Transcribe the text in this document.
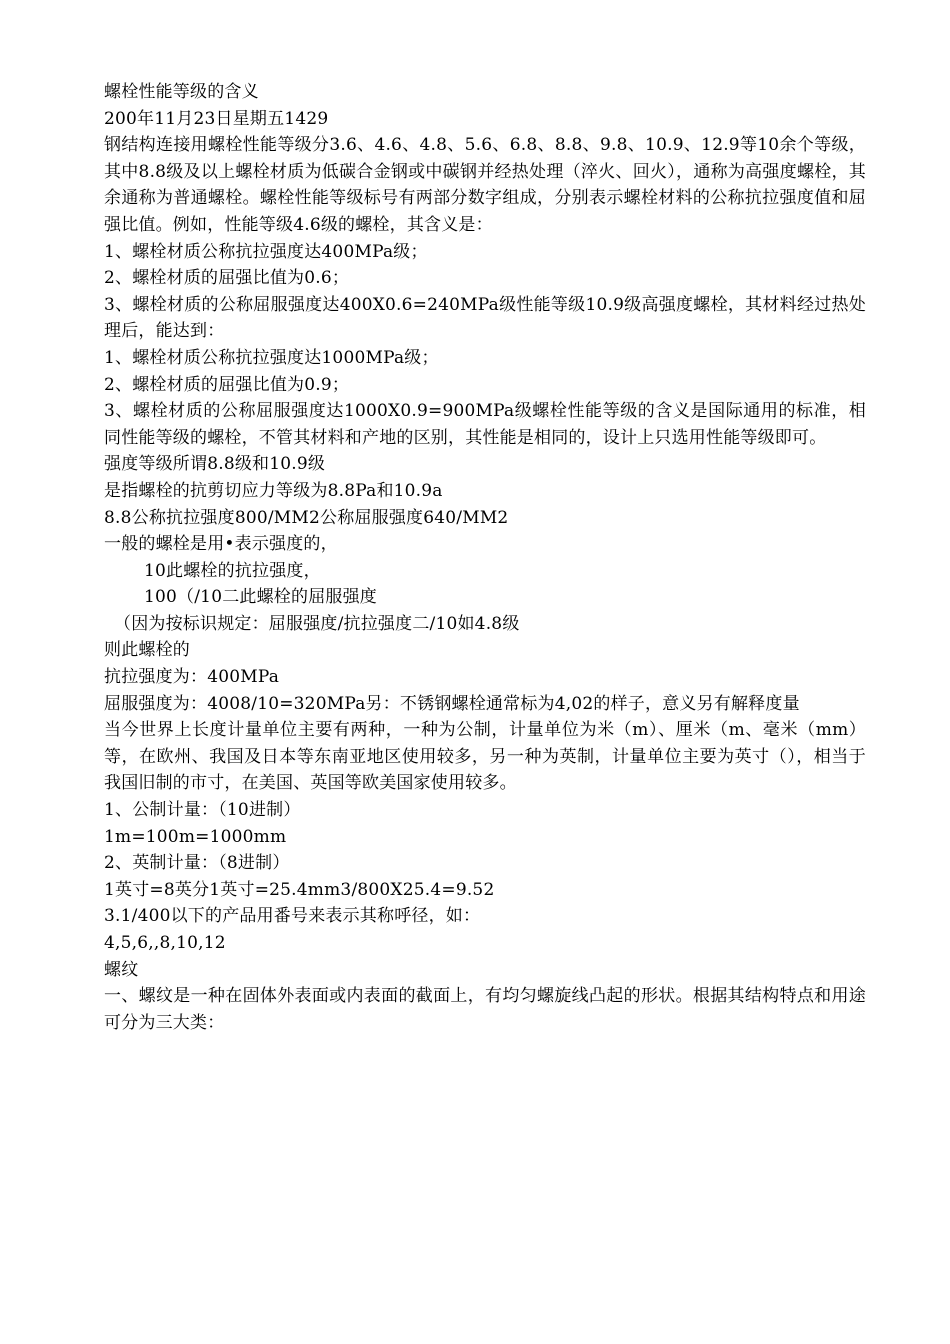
螺栓性能等级的含义

200年11月23日星期五1429

钢结构连接用螺栓性能等级分3.6、4.6、4.8、5.6、6.8、8.8、9.8、10.9、12.9等10余个等级，其中8.8级及以上螺栓材质为低碳合金钢或中碳钢并经热处理（淬火、回火），通称为高强度螺栓，其余通称为普通螺栓。螺栓性能等级标号有两部分数字组成，分别表示螺栓材料的公称抗拉强度值和屈强比值。例如，性能等级4.6级的螺栓，其含义是：

1、螺栓材质公称抗拉强度达400MPa级；

2、螺栓材质的屈强比值为0.6；

3、螺栓材质的公称屈服强度达400X0.6=240MPa级性能等级10.9级高强度螺栓，其材料经过热处理后，能达到：

1、螺栓材质公称抗拉强度达1000MPa级；

2、螺栓材质的屈强比值为0.9；

3、螺栓材质的公称屈服强度达1000X0.9=900MPa级螺栓性能等级的含义是国际通用的标准，相同性能等级的螺栓，不管其材料和产地的区别，其性能是相同的，设计上只选用性能等级即可。

强度等级所谓8.8级和10.9级

是指螺栓的抗剪切应力等级为8.8Pa和10.9a

8.8公称抗拉强度800/MM2公称屈服强度640/MM2

一般的螺栓是用•表示强度的，

10此螺栓的抗拉强度，

100（/10二此螺栓的屈服强度

（因为按标识规定：屈服强度/抗拉强度二/10如4.8级

则此螺栓的

抗拉强度为：400MPa

屈服强度为：4008/10=320MPa另：不锈钢螺栓通常标为4,02的样子，意义另有解释度量

当今世界上长度计量单位主要有两种，一种为公制，计量单位为米（m）、厘米（m、毫米（mm）等，在欧州、我国及日本等东南亚地区使用较多，另一种为英制，计量单位主要为英寸（），相当于我国旧制的市寸，在美国、英国等欧美国家使用较多。

1、公制计量：（10进制）

1m=100m=1000mm

2、英制计量：（8进制）

1英寸=8英分1英寸=25.4mm3/800X25.4=9.52

3.1/400以下的产品用番号来表示其称呼径，如：

4,5,6,,8,10,12

螺纹

一、螺纹是一种在固体外表面或内表面的截面上，有均匀螺旋线凸起的形状。根据其结构特点和用途可分为三大类：
